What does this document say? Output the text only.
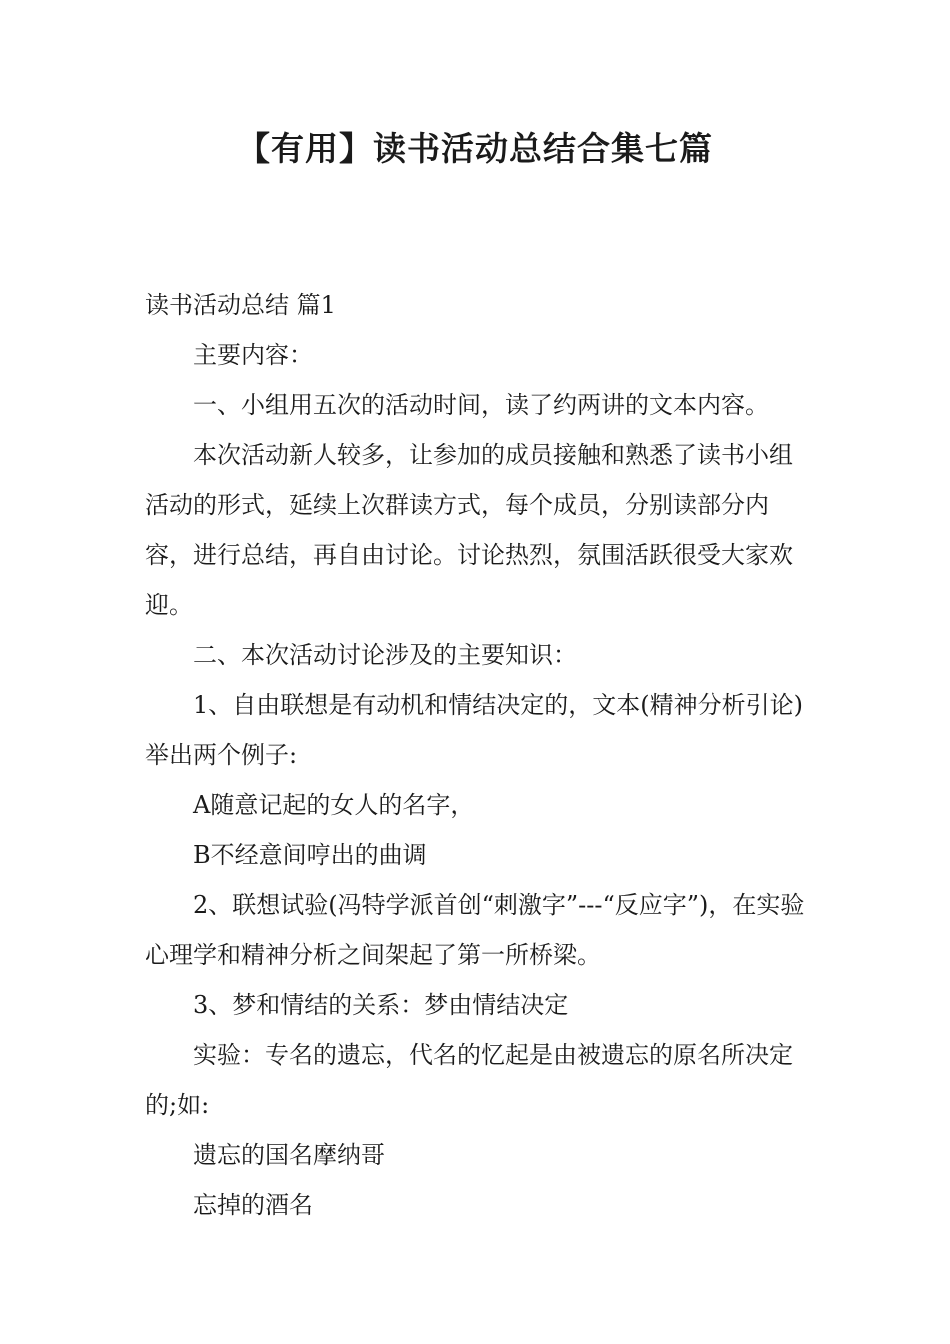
【有用】读书活动总结合集七篇

读书活动总结 篇1

主要内容：

一、小组用五次的活动时间，读了约两讲的文本内容。

本次活动新人较多，让参加的成员接触和熟悉了读书小组活动的形式，延续上次群读方式，每个成员，分别读部分内容，进行总结，再自由讨论。讨论热烈，氛围活跃很受大家欢迎。

二、本次活动讨论涉及的主要知识：

1、自由联想是有动机和情结决定的，文本(精神分析引论)举出两个例子:

A随意记起的女人的名字，

B不经意间哼出的曲调

2、联想试验(冯特学派首创“刺激字”---“反应字”)，在实验心理学和精神分析之间架起了第一所桥梁。

3、梦和情结的关系：梦由情结决定

实验：专名的遗忘，代名的忆起是由被遗忘的原名所决定的;如:

遗忘的国名摩纳哥

忘掉的酒名
